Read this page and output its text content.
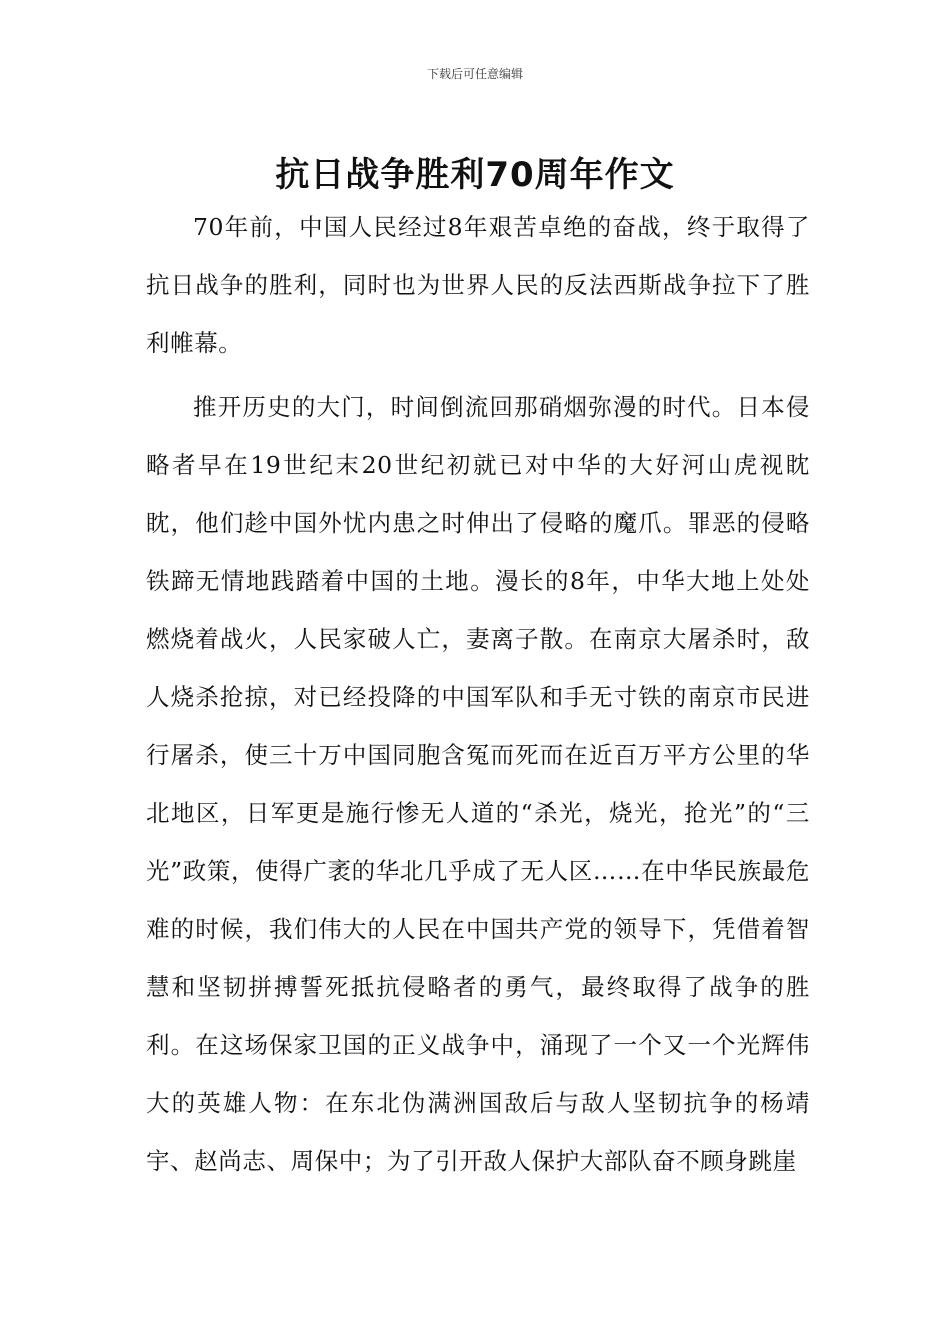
下载后可任意编辑
抗日战争胜利70周年作文

70年前，中国人民经过8年艰苦卓绝的奋战，终于取得了抗日战争的胜利，同时也为世界人民的反法西斯战争拉下了胜利帷幕。

推开历史的大门，时间倒流回那硝烟弥漫的时代。日本侵略者早在19世纪末20世纪初就已对中华的大好河山虎视眈眈，他们趁中国外忧内患之时伸出了侵略的魔爪。罪恶的侵略铁蹄无情地践踏着中国的土地。漫长的8年，中华大地上处处燃烧着战火，人民家破人亡，妻离子散。在南京大屠杀时，敌人烧杀抢掠，对已经投降的中国军队和手无寸铁的南京市民进行屠杀，使三十万中国同胞含冤而死而在近百万平方公里的华北地区，日军更是施行惨无人道的“杀光，烧光，抢光”的“三光”政策，使得广袤的华北几乎成了无人区……在中华民族最危难的时候，我们伟大的人民在中国共产党的领导下，凭借着智慧和坚韧拼搏誓死抵抗侵略者的勇气，最终取得了战争的胜利。在这场保家卫国的正义战争中，涌现了一个又一个光辉伟大的英雄人物：在东北伪满洲国敌后与敌人坚韧抗争的杨靖宇、赵尚志、周保中；为了引开敌人保护大部队奋不顾身跳崖
